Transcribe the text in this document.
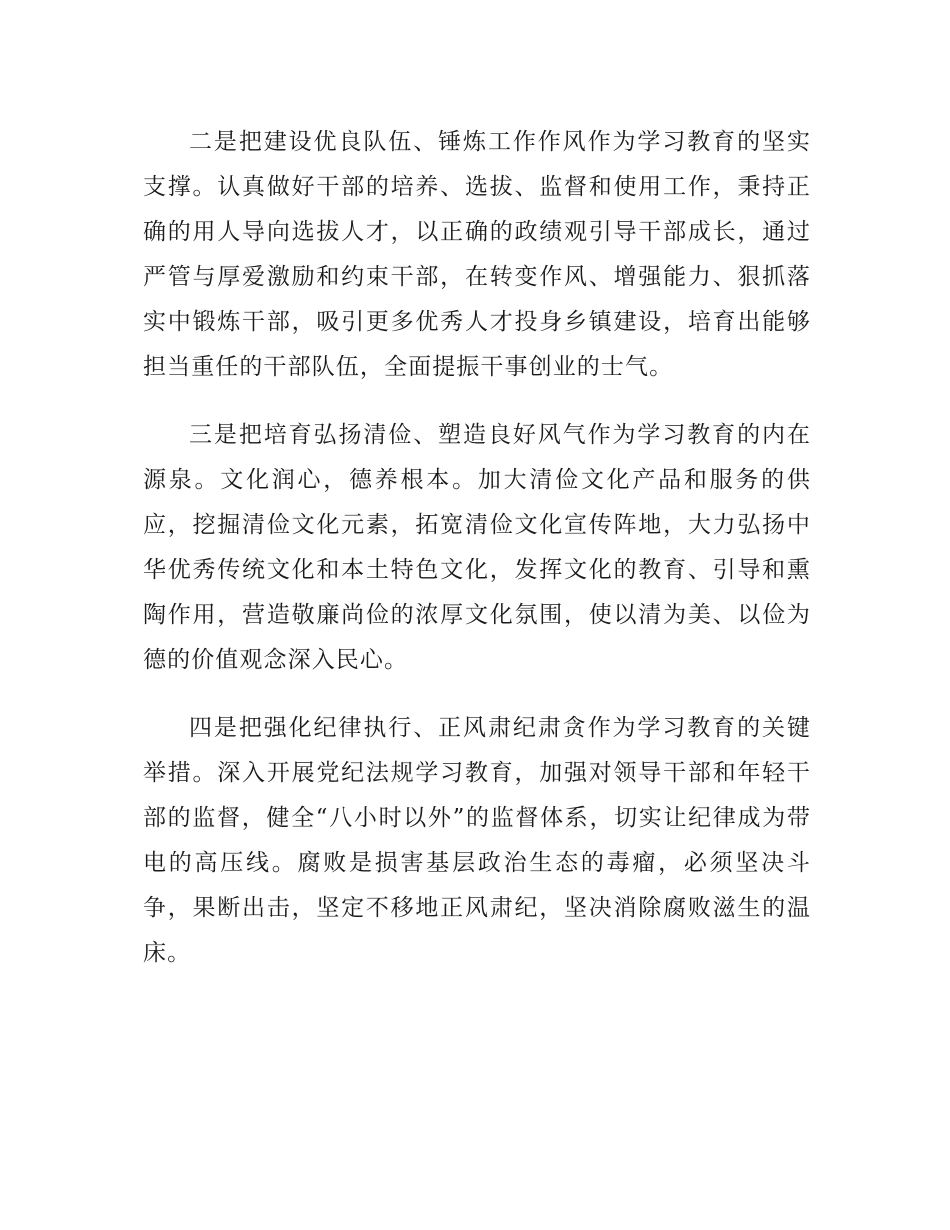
二是把建设优良队伍、锤炼工作作风作为学习教育的坚实支撑。认真做好干部的培养、选拔、监督和使用工作，秉持正确的用人导向选拔人才，以正确的政绩观引导干部成长，通过严管与厚爱激励和约束干部，在转变作风、增强能力、狠抓落实中锻炼干部，吸引更多优秀人才投身乡镇建设，培育出能够担当重任的干部队伍，全面提振干事创业的士气。

三是把培育弘扬清俭、塑造良好风气作为学习教育的内在源泉。文化润心，德养根本。加大清俭文化产品和服务的供应，挖掘清俭文化元素，拓宽清俭文化宣传阵地，大力弘扬中华优秀传统文化和本土特色文化，发挥文化的教育、引导和熏陶作用，营造敬廉尚俭的浓厚文化氛围，使以清为美、以俭为德的价值观念深入民心。

四是把强化纪律执行、正风肃纪肃贪作为学习教育的关键举措。深入开展党纪法规学习教育，加强对领导干部和年轻干部的监督，健全“八小时以外”的监督体系，切实让纪律成为带电的高压线。腐败是损害基层政治生态的毒瘤，必须坚决斗争，果断出击，坚定不移地正风肃纪，坚决消除腐败滋生的温床。
